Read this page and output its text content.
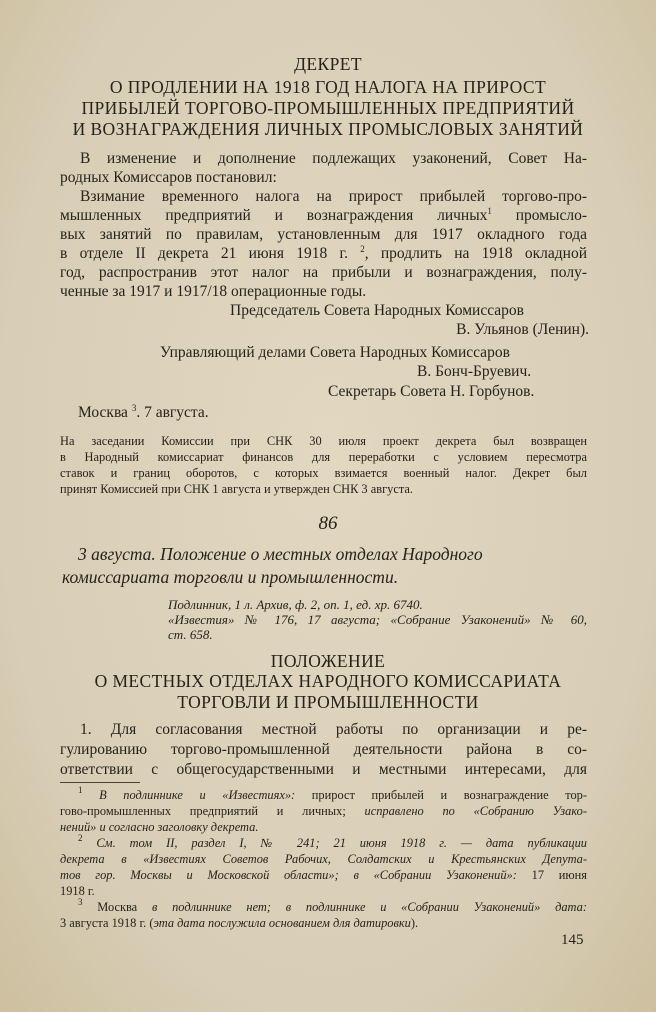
ДЕКРЕТ
О ПРОДЛЕНИИ НА 1918 ГОД НАЛОГА НА ПРИРОСТ
ПРИБЫЛЕЙ ТОРГОВО-ПРОМЫШЛЕННЫХ ПРЕДПРИЯТИЙ
И ВОЗНАГРАЖДЕНИЯ ЛИЧНЫХ ПРОМЫСЛОВЫХ ЗАНЯТИЙ
В изменение и дополнение подлежащих узаконений, Совет На-
родных Комиссаров постановил:
Взимание временного налога на прирост прибылей торгово-про-
мышленных предприятий и вознаграждения личных$^1$ промысло-
вых занятий по правилам, установленным для 1917 окладного года
в отделе II декрета 21 июня 1918 г. $^2$, продлить на 1918 окладной
год, распространив этот налог на прибыли и вознаграждения, полу-
ченные за 1917 и 1917/18 операционные годы.
Председатель Совета Народных Комиссаров
В. Ульянов (Ленин).
Управляющий делами Совета Народных Комиссаров
В. Бонч-Бруевич.
Секретарь Совета Н. Горбунов.
Москва $^3$. 7 августа.
На заседании Комиссии при СНК 30 июля проект декрета был возвращен
в Народный комиссариат финансов для переработки с условием пересмотра
ставок и границ оборотов, с которых взимается военный налог. Декрет был
принят Комиссией при СНК 1 августа и утвержден СНК 3 августа.
86
3 августа. Положение о местных отделах Народного
комиссариата торговли и промышленности.
Подлинник, 1 л. Архив, ф. 2, оп. 1, ед. хр. 6740.
«Известия» № 176, 17 августа; «Собрание Узаконений» № 60,
ст. 658.
ПОЛОЖЕНИЕ
О МЕСТНЫХ ОТДЕЛАХ НАРОДНОГО КОМИССАРИАТА
ТОРГОВЛИ И ПРОМЫШЛЕННОСТИ
1. Для согласования местной работы по организации и ре-
гулированию торгово-промышленной деятельности района в со-
ответствии с общегосударственными и местными интересами, для
$^1$ В подлиннике и «Известиях»: прирост прибылей и вознаграждение тор-
гово-промышленных предприятий и личных; исправлено по «Собранию Узако-
нений» и согласно заголовку декрета.
$^2$ См. том II, раздел I, № 241; 21 июня 1918 г. — дата публикации
декрета в «Известиях Советов Рабочих, Солдатских и Крестьянских Депута-
тов гор. Москвы и Московской области»; в «Собрании Узаконений»: 17 июня
1918 г.
$^3$ Москва в подлиннике нет; в подлиннике и «Собрании Узаконений» дата:
3 августа 1918 г. (эта дата послужила основанием для датировки).
145
